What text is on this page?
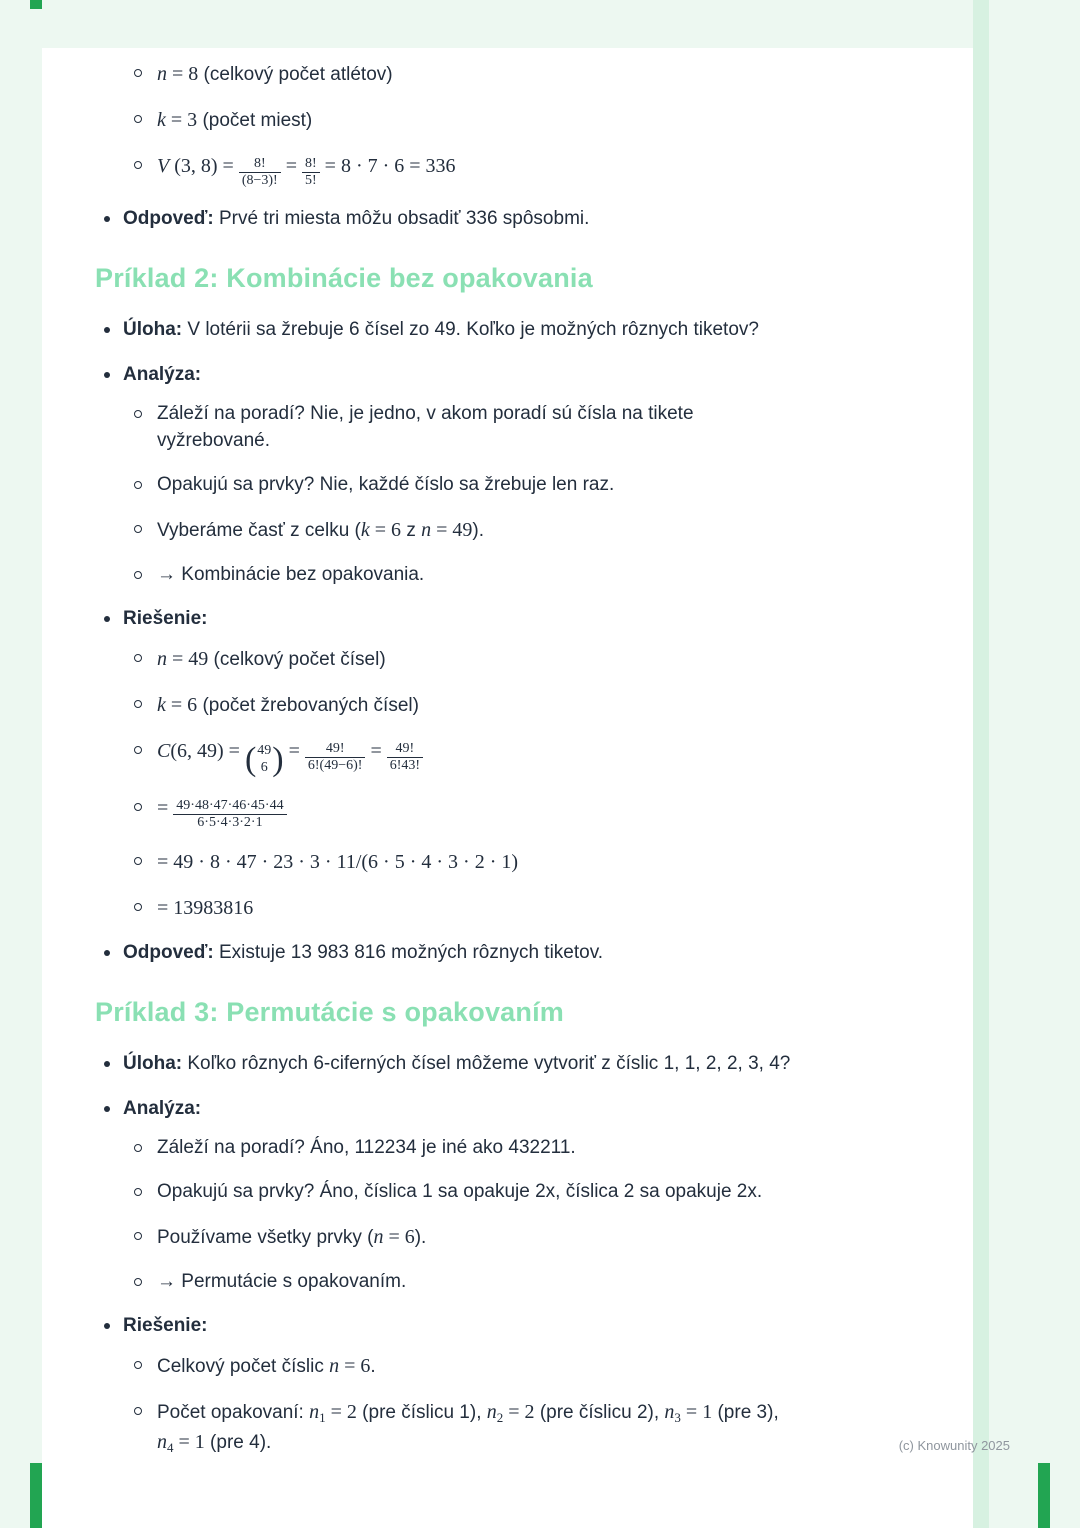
n = 8 (celkový počet atlétov)
k = 3 (počet miest)
V (3, $8) = \frac{8!}{(8-3)!} = \frac{8!}{5!} = 8 \cdot 7 \cdot 6 = 336$
Odpoveď: Prvé tri miesta môžu obsadiť 336 spôsobmi.
Príklad 2: Kombinácie bez opakovania
Úloha: V lotérii sa žrebuje 6 čísel zo 49. Koľko je možných rôznych tiketov?
Analýza:
Záleží na poradí? Nie, je jedno, v akom poradí sú čísla na tikete
vyžrebované.
Opakujú sa prvky? Nie, každé číslo sa žrebuje len raz.
Vyberáme časť z celku (k = 6 z n = 49).
→ Kombinácie bez opakovania.
Riešenie:
n = 49 (celkový počet čísel)
k = 6 (počet žrebovaných čísel)
C(6, 49) = ( 49
6 ) = $\frac{49!}{6!(49-6)!} = \frac{49!}{6!43!}$
= $\frac{49\cdot 48\cdot 47\cdot 46\cdot 45\cdot 44}{6\cdot 5\cdot 4\cdot 3\cdot 2\cdot 1}$
= 49 · 8 · 47 · 23 · 3 · 11/(6 · 5 · 4 · 3 · 2 · 1)
= 13983816
Odpoveď: Existuje 13 983 816 možných rôznych tiketov.
Príklad 3: Permutácie s opakovaním
Úloha: Koľko rôznych 6-ciferných čísel môžeme vytvoriť z číslic 1, 1, 2, 2, 3, 4?
Analýza:
Záleží na poradí? Áno, 112234 je iné ako 432211.
Opakujú sa prvky? Áno, číslica 1 sa opakuje 2x, číslica 2 sa opakuje 2x.
Používame všetky prvky (n = 6).
→ Permutácie s opakovaním.
Riešenie:
Celkový počet číslic n = 6.
Počet opakovaní: $n_1 = 2$ (pre číslicu 1), $n_2 = 2$ (pre číslicu 2), $n_3 = 1$ (pre 3),
$n_4 = 1$ (pre 4).	(c) Knowunity 2025
